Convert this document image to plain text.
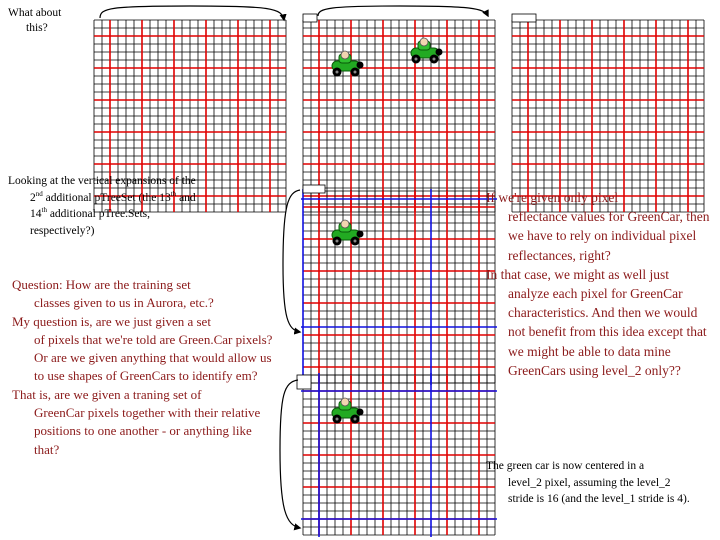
What about
this?
Looking at the vertical expansions of the
2nd additional pTreeSet (the 13th and
14th additional pTree.Sets,
respectively?)
Question: How are the training set
classes given to us in Aurora, etc.?
My question is, are we just given a set
of pixels that we're told are Green.Car pixels? Or are we given anything that would allow us to use shapes of GreenCars to identify em?
That is, are we given a traning set of
GreenCar pixels together with their relative positions to one another - or anything like that?
If we're given only pixel
reflectance values for GreenCar, then we have to rely on individual pixel reflectances, right?
In that case, we might as well just
analyze each pixel for GreenCar characteristics. And then we would not benefit from this idea except that we might be able to data mine GreenCars using level_2 only??
The green car is now centered in a
level_2 pixel, assuming the level_2 stride is 16 (and the level_1 stride is 4).
